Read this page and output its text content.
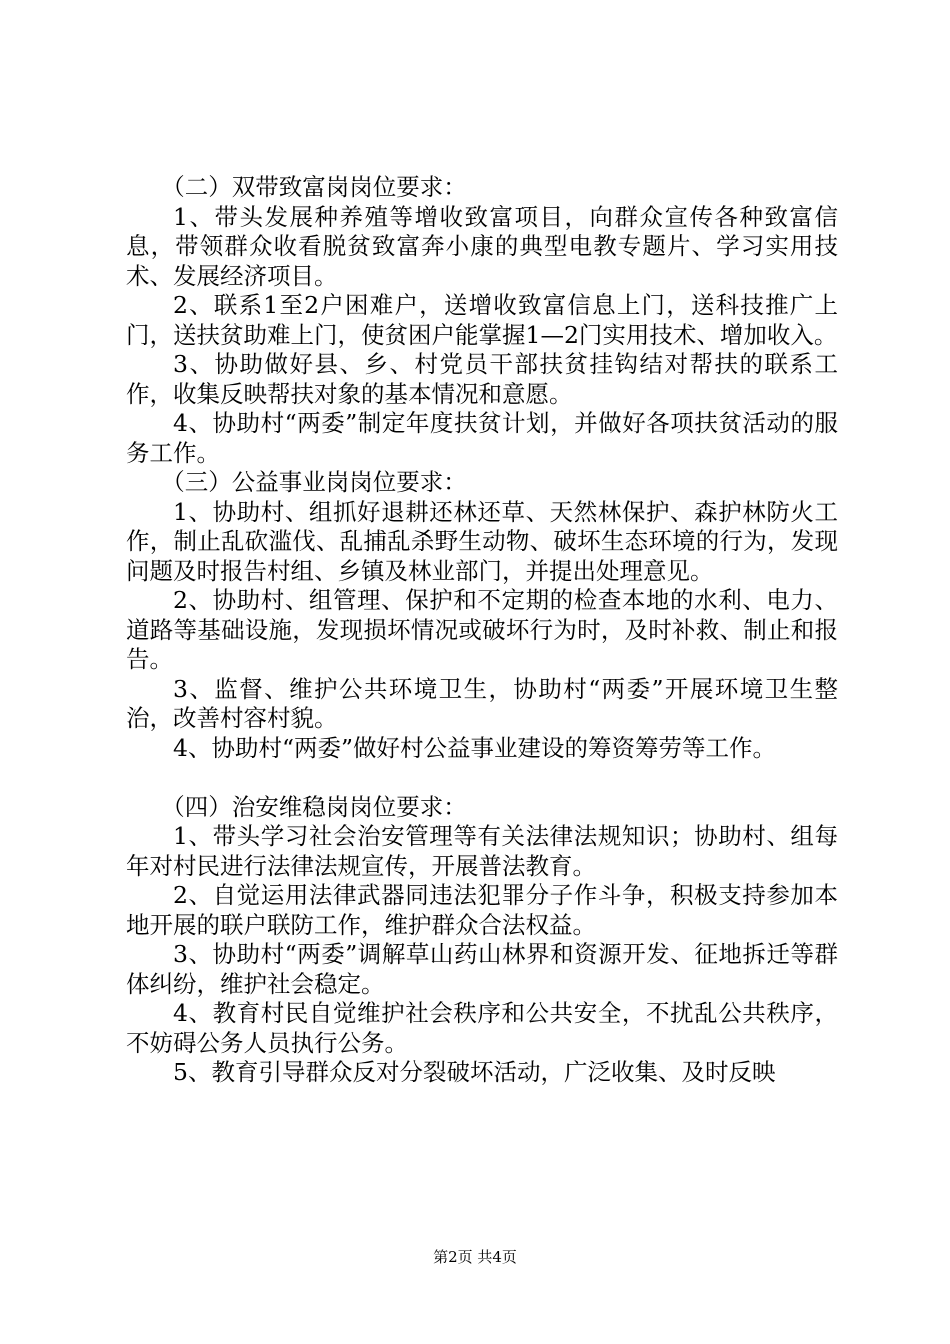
（二）双带致富岗岗位要求：

1、带头发展种养殖等增收致富项目，向群众宣传各种致富信息，带领群众收看脱贫致富奔小康的典型电教专题片、学习实用技术、发展经济项目。

2、联系1至2户困难户，送增收致富信息上门，送科技推广上门，送扶贫助难上门，使贫困户能掌握1—2门实用技术、增加收入。

3、协助做好县、乡、村党员干部扶贫挂钩结对帮扶的联系工作，收集反映帮扶对象的基本情况和意愿。

4、协助村“两委”制定年度扶贫计划，并做好各项扶贫活动的服务工作。

（三）公益事业岗岗位要求：

1、协助村、组抓好退耕还林还草、天然林保护、森护林防火工作，制止乱砍滥伐、乱捕乱杀野生动物、破坏生态环境的行为，发现问题及时报告村组、乡镇及林业部门，并提出处理意见。

2、协助村、组管理、保护和不定期的检查本地的水利、电力、道路等基础设施，发现损坏情况或破坏行为时，及时补救、制止和报告。

3、监督、维护公共环境卫生，协助村“两委”开展环境卫生整治，改善村容村貌。

4、协助村“两委”做好村公益事业建设的筹资筹劳等工作。

（四）治安维稳岗岗位要求：

1、带头学习社会治安管理等有关法律法规知识；协助村、组每年对村民进行法律法规宣传，开展普法教育。

2、自觉运用法律武器同违法犯罪分子作斗争，积极支持参加本地开展的联户联防工作，维护群众合法权益。

3、协助村“两委”调解草山药山林界和资源开发、征地拆迁等群体纠纷，维护社会稳定。

4、教育村民自觉维护社会秩序和公共安全，不扰乱公共秩序，不妨碍公务人员执行公务。

5、教育引导群众反对分裂破坏活动，广泛收集、及时反映

第2页 共4页
